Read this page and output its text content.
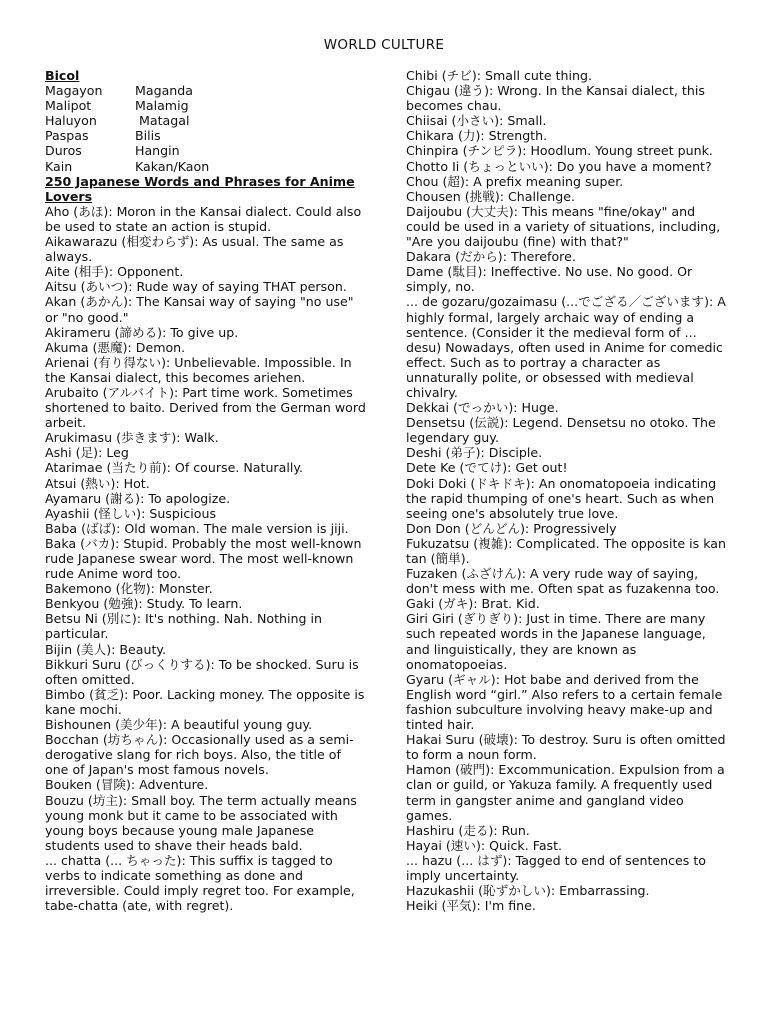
WORLD CULTURE
Bicol
Magayon	Maganda
Malipot	Malamig
Haluyon	Matagal
Paspas	Bilis
Duros	Hangin
Kain	Kakan/Kaon
250 Japanese Words and Phrases for Anime Lovers
Aho (あほ): Moron in the Kansai dialect. Could also be used to state an action is stupid.
Aikawarazu (相変わらず): As usual. The same as always.
Aite (相手): Opponent.
Aitsu (あいつ): Rude way of saying THAT person.
Akan (あかん): The Kansai way of saying "no use" or "no good."
Akirameru (諦める): To give up.
Akuma (悪魔): Demon.
Arienai (有り得ない): Unbelievable. Impossible. In the Kansai dialect, this becomes ariehen.
Arubaito (アルバイト): Part time work. Sometimes shortened to baito. Derived from the German word arbeit.
Arukimasu (歩きます): Walk.
Ashi (足): Leg
Atarimae (当たり前): Of course. Naturally.
Atsui (熱い): Hot.
Ayamaru (謝る): To apologize.
Ayashii (怪しい): Suspicious
Baba (ばば): Old woman. The male version is jiji.
Baka (バカ): Stupid. Probably the most well-known rude Japanese swear word. The most well-known rude Anime word too.
Bakemono (化物): Monster.
Benkyou (勉強): Study. To learn.
Betsu Ni (別に): It's nothing. Nah. Nothing in particular.
Bijin (美人): Beauty.
Bikkuri Suru (びっくりする): To be shocked. Suru is often omitted.
Bimbo (貧乏): Poor. Lacking money. The opposite is kane mochi.
Bishounen (美少年): A beautiful young guy.
Bocchan (坊ちゃん): Occasionally used as a semi-derogative slang for rich boys. Also, the title of one of Japan's most famous novels.
Bouken (冒険): Adventure.
Bouzu (坊主): Small boy. The term actually means young monk but it came to be associated with young boys because young male Japanese students used to shave their heads bald.
... chatta (... ちゃった): This suffix is tagged to verbs to indicate something as done and irreversible. Could imply regret too. For example, tabe-chatta (ate, with regret).
Chibi (チビ): Small cute thing.
Chigau (違う): Wrong. In the Kansai dialect, this becomes chau.
Chiisai (小さい): Small.
Chikara (力): Strength.
Chinpira (チンピラ): Hoodlum. Young street punk.
Chotto Ii (ちょっといい): Do you have a moment?
Chou (超): A prefix meaning super.
Chousen (挑戦): Challenge.
Daijoubu (大丈夫): This means "fine/okay" and could be used in a variety of situations, including, "Are you daijoubu (fine) with that?"
Dakara (だから): Therefore.
Dame (駄目): Ineffective. No use. No good. Or simply, no.
... de gozaru/gozaimasu (...でござる／ございます): A highly formal, largely archaic way of ending a sentence. (Consider it the medieval form of ... desu) Nowadays, often used in Anime for comedic effect. Such as to portray a character as unnaturally polite, or obsessed with medieval chivalry.
Dekkai (でっかい): Huge.
Densetsu (伝説): Legend. Densetsu no otoko. The legendary guy.
Deshi (弟子): Disciple.
Dete Ke (でてけ): Get out!
Doki Doki (ドキドキ): An onomatopoeia indicating the rapid thumping of one's heart. Such as when seeing one's absolutely true love.
Don Don (どんどん): Progressively
Fukuzatsu (複雑): Complicated. The opposite is kan tan (簡単).
Fuzaken (ふざけん): A very rude way of saying, don't mess with me. Often spat as fuzakenna too.
Gaki (ガキ): Brat. Kid.
Giri Giri (ぎりぎり): Just in time. There are many such repeated words in the Japanese language, and linguistically, they are known as onomatopoeias.
Gyaru (ギャル): Hot babe and derived from the English word “girl.” Also refers to a certain female fashion subculture involving heavy make-up and tinted hair.
Hakai Suru (破壊): To destroy. Suru is often omitted to form a noun form.
Hamon (破門): Excommunication. Expulsion from a clan or guild, or Yakuza family. A frequently used term in gangster anime and gangland video games.
Hashiru (走る): Run.
Hayai (速い): Quick. Fast.
... hazu (... はず): Tagged to end of sentences to imply uncertainty.
Hazukashii (恥ずかしい): Embarrassing.
Heiki (平気): I'm fine.
